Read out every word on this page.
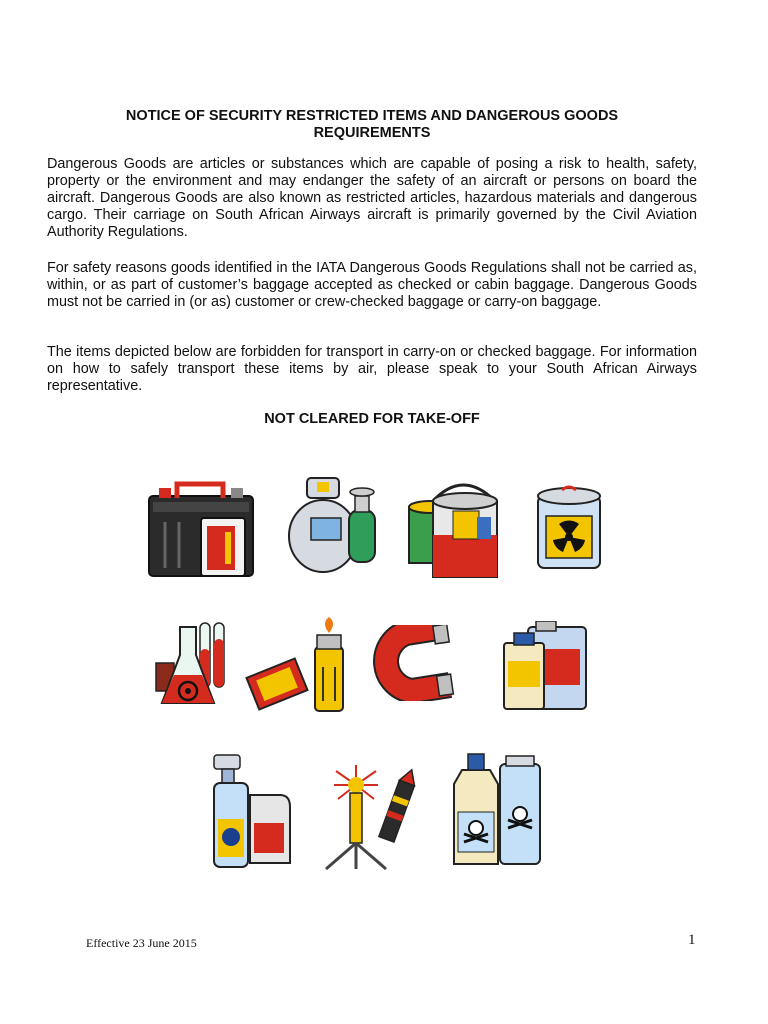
NOTICE OF SECURITY RESTRICTED ITEMS AND DANGEROUS GOODS
REQUIREMENTS

Dangerous Goods are articles or substances which are capable of posing a risk to health, safety, property or the environment and may endanger the safety of an aircraft or persons on board the aircraft. Dangerous Goods are also known as restricted articles, hazardous materials and dangerous cargo. Their carriage on South African Airways aircraft is primarily governed by the Civil Aviation Authority Regulations.

For safety reasons goods identified in the IATA Dangerous Goods Regulations shall not be carried as, within, or as part of customer’s baggage accepted as checked or cabin baggage. Dangerous Goods must not be carried in (or as) customer or crew-checked baggage or carry-on baggage.

The items depicted below are forbidden for transport in carry-on or checked baggage. For information on how to safely transport these items by air, please speak to your South African Airways representative.

NOT CLEARED FOR TAKE-OFF
Effective 23 June 2015	1
